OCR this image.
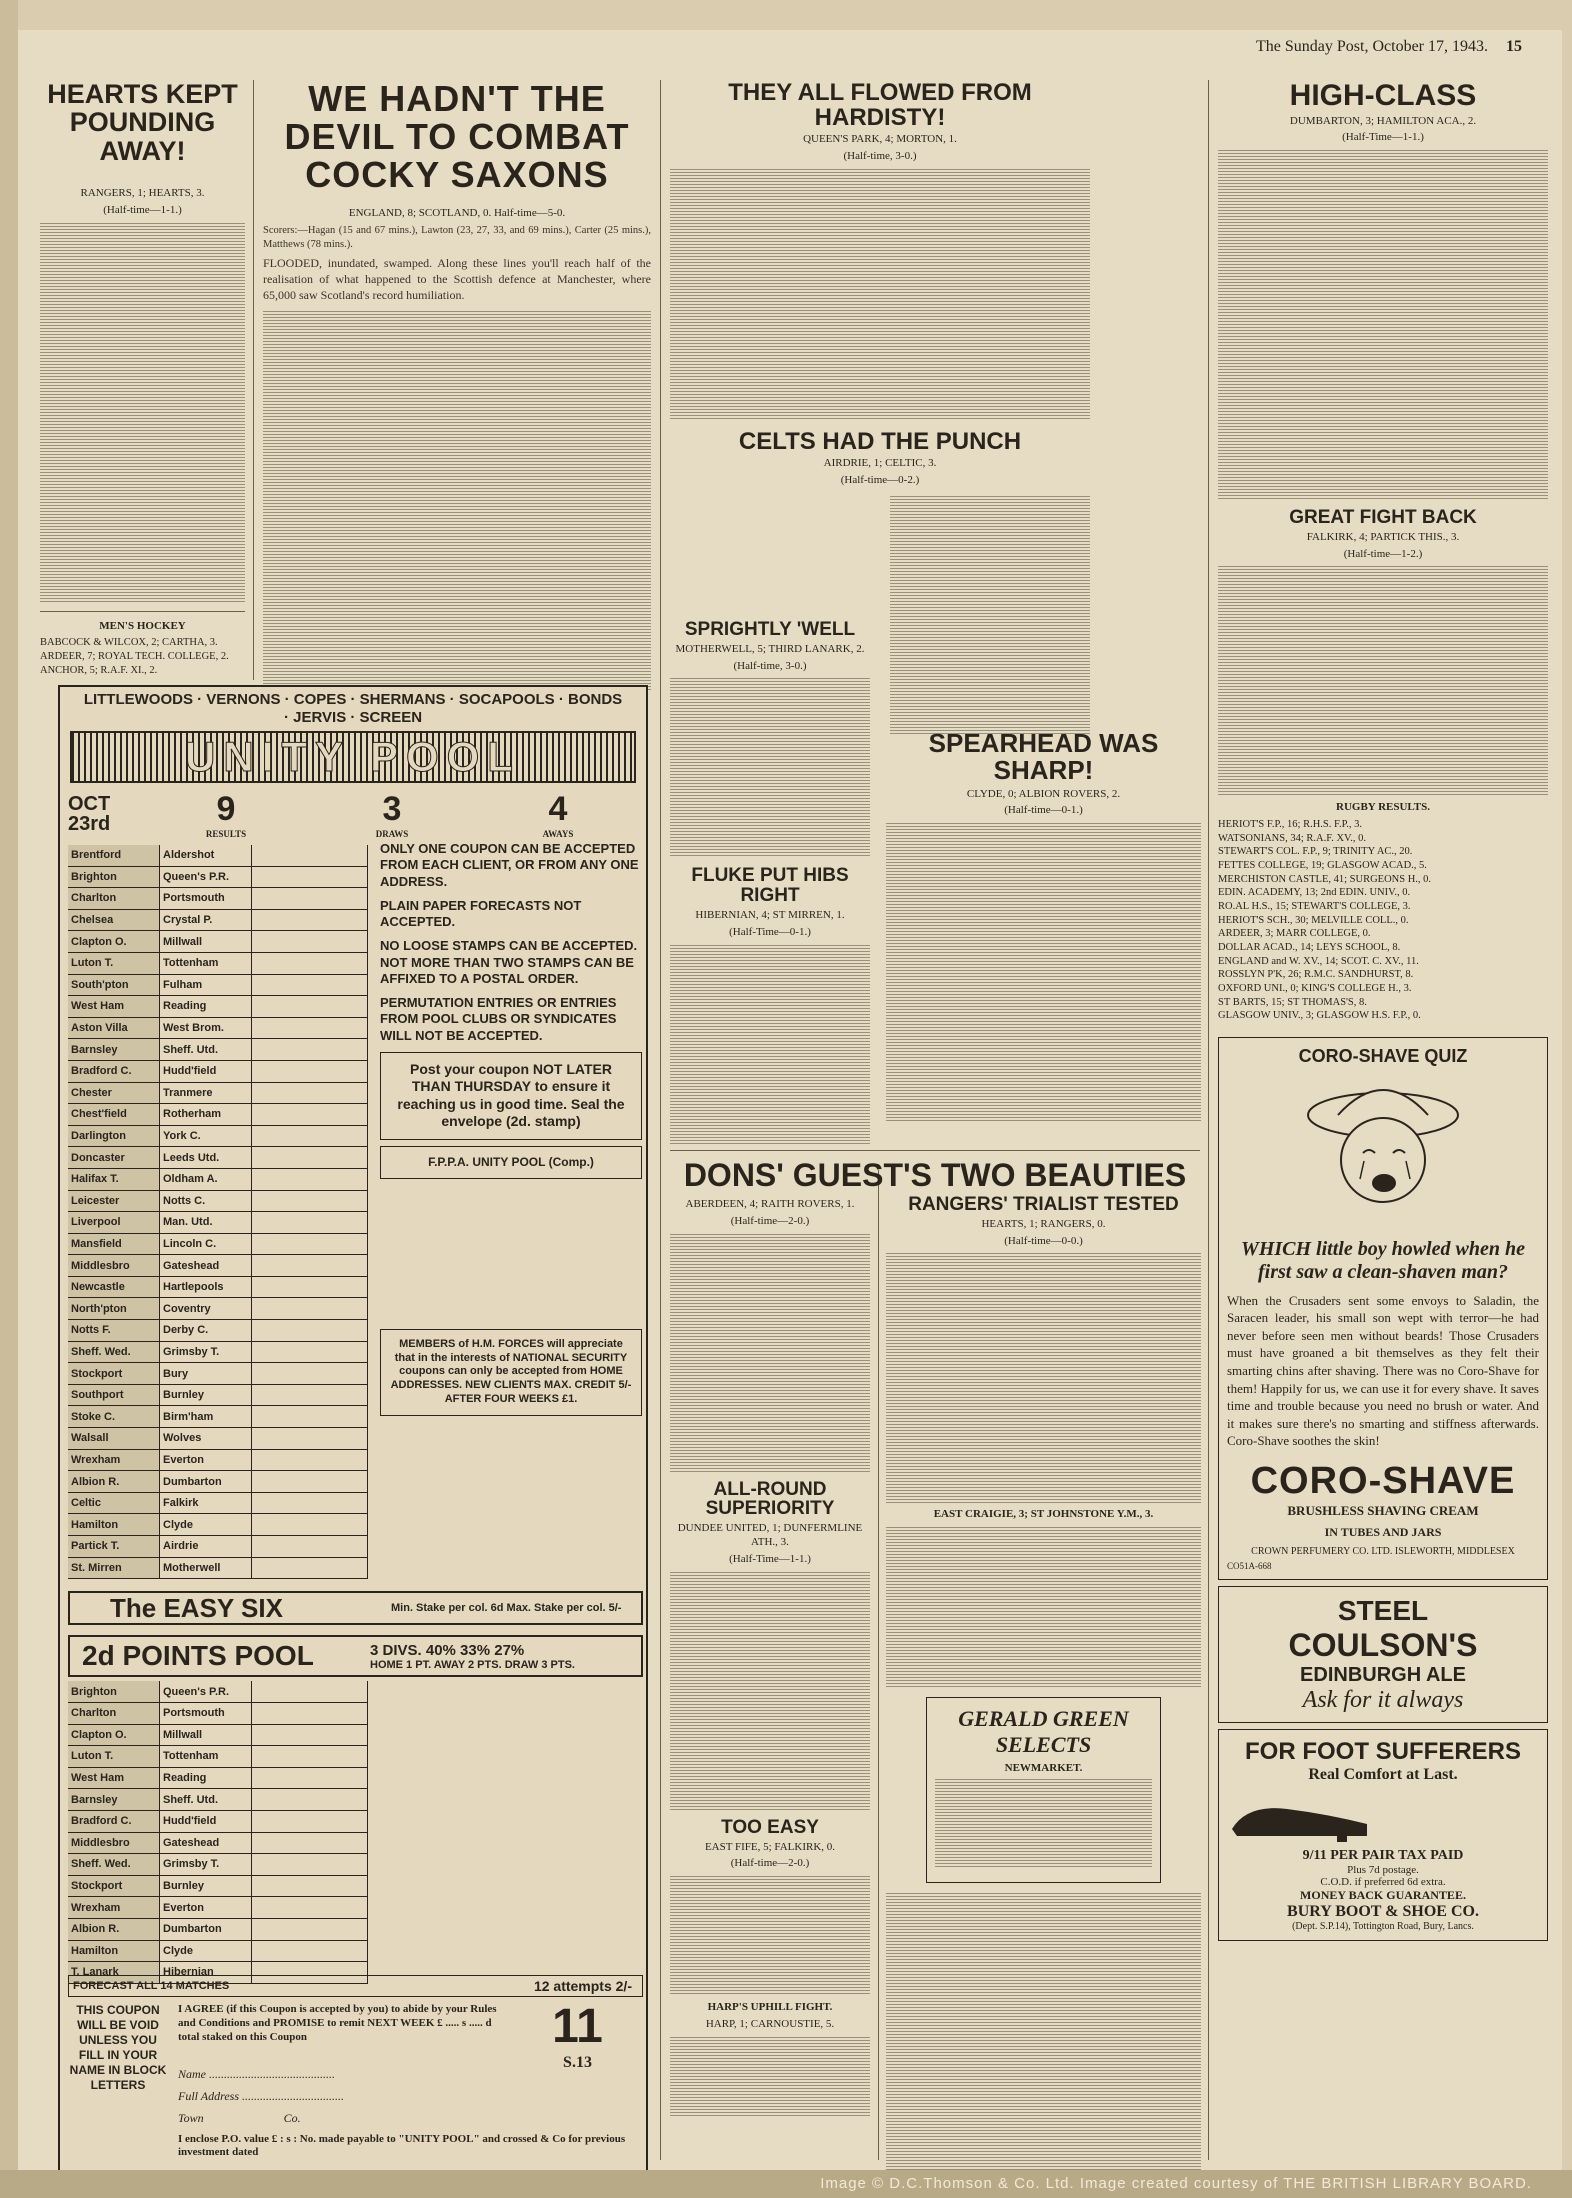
The Sunday Post, October 17, 1943. 15
HEARTS KEPT POUNDING AWAY!
RANGERS, 1; HEARTS, 3.
(Half-time—1-1.)
MEN'S HOCKEY
BABCOCK & WILCOX, 2; CARTHA, 3.
ARDEER, 7; ROYAL TECH. COLLEGE, 2.
ANCHOR, 5; R.A.F. XI., 2.
WE HADN'T THE DEVIL TO COMBAT COCKY SAXONS
ENGLAND, 8; SCOTLAND, 0. Half-time—5-0.
Scorers:—Hagan (15 and 67 mins.), Lawton (23, 27, 33, and 69 mins.), Carter (25 mins.), Matthews (78 mins.).
FLOODED, inundated, swamped. Along these lines you'll reach half of the realisation of what happened to the Scottish defence at Manchester, where 65,000 saw Scotland's record humiliation.
LITTLEWOODS · VERNONS · COPES · SHERMANS · SOCAPOOLS · BONDS · JERVIS · SCREEN
UNITY POOL
OCT 23rd	9
RESULTS
3
DRAWS
4
AWAYS
Brentford	Aldershot
Brighton	Queen's P.R.
Charlton	Portsmouth
Chelsea	Crystal P.
Clapton O.	Millwall
Luton T.	Tottenham
South'pton	Fulham
West Ham	Reading
Aston Villa	West Brom.
Barnsley	Sheff. Utd.
Bradford C.	Hudd'field
Chester	Tranmere
Chest'field	Rotherham
Darlington	York C.
Doncaster	Leeds Utd.
Halifax T.	Oldham A.
Leicester	Notts C.
Liverpool	Man. Utd.
Mansfield	Lincoln C.
Middlesbro	Gateshead
Newcastle	Hartlepools
North'pton	Coventry
Notts F.	Derby C.
Sheff. Wed.	Grimsby T.
Stockport	Bury
Southport	Burnley
Stoke C.	Birm'ham
Walsall	Wolves
Wrexham	Everton
Albion R.	Dumbarton
Celtic	Falkirk
Hamilton	Clyde
Partick T.	Airdrie
St. Mirren	Motherwell

ONLY ONE COUPON CAN BE ACCEPTED FROM EACH CLIENT, OR FROM ANY ONE ADDRESS.

PLAIN PAPER FORECASTS NOT ACCEPTED.

NO LOOSE STAMPS CAN BE ACCEPTED. NOT MORE THAN TWO STAMPS CAN BE AFFIXED TO A POSTAL ORDER.

PERMUTATION ENTRIES OR ENTRIES FROM POOL CLUBS OR SYNDICATES WILL NOT BE ACCEPTED.

Post your coupon NOT LATER THAN THURSDAY to ensure it reaching us in good time. Seal the envelope (2d. stamp)
F.P.P.A. UNITY POOL (Comp.)
MEMBERS of H.M. FORCES will appreciate that in the interests of NATIONAL SECURITY coupons can only be accepted from HOME ADDRESSES. NEW CLIENTS MAX. CREDIT 5/- AFTER FOUR WEEKS £1.
The EASY SIX	Min. Stake per col. 6d Max. Stake per col. 5/-
2d POINTS POOL	3 DIVS. 40% 33% 27%
HOME 1 PT. AWAY 2 PTS. DRAW 3 PTS.
Brighton	Queen's P.R.
Charlton	Portsmouth
Clapton O.	Millwall
Luton T.	Tottenham
West Ham	Reading
Barnsley	Sheff. Utd.
Bradford C.	Hudd'field
Middlesbro	Gateshead
Sheff. Wed.	Grimsby T.
Stockport	Burnley
Wrexham	Everton
Albion R.	Dumbarton
Hamilton	Clyde
T. Lanark	Hibernian
FORECAST ALL 14 MATCHES	12 attempts 2/-
THIS COUPON WILL BE VOID UNLESS YOU FILL IN YOUR NAME IN BLOCK LETTERS
I AGREE (if this Coupon is accepted by you) to abide by your Rules and Conditions and PROMISE to remit NEXT WEEK £ ..... s ..... d total staked on this Coupon	11
S.13
Name ..........................................
Full Address ..................................
Town	Co.
I enclose P.O. value £ : s : No. made payable to "UNITY POOL" and crossed & Co for previous investment dated
THEY ALL FLOWED FROM HARDISTY!
QUEEN'S PARK, 4; MORTON, 1.
(Half-time, 3-0.)
CELTS HAD THE PUNCH
AIRDRIE, 1; CELTIC, 3.
(Half-time—0-2.)
SPRIGHTLY 'WELL
MOTHERWELL, 5; THIRD LANARK, 2.
(Half-time, 3-0.)
FLUKE PUT HIBS RIGHT
HIBERNIAN, 4; ST MIRREN, 1.
(Half-Time—0-1.)
SPEARHEAD WAS SHARP!
CLYDE, 0; ALBION ROVERS, 2.
(Half-time—0-1.)
DONS' GUEST'S TWO BEAUTIES
ABERDEEN, 4; RAITH ROVERS, 1.
(Half-time—2-0.)
ALL-ROUND SUPERIORITY
DUNDEE UNITED, 1; DUNFERMLINE ATH., 3.
(Half-Time—1-1.)
TOO EASY
EAST FIFE, 5; FALKIRK, 0.
(Half-time—2-0.)
HARP'S UPHILL FIGHT.
HARP, 1; CARNOUSTIE, 5.
RANGERS' TRIALIST TESTED
HEARTS, 1; RANGERS, 0.
(Half-time—0-0.)
EAST CRAIGIE, 3; ST JOHNSTONE Y.M., 3.
GERALD GREEN SELECTS
NEWMARKET.
HIGH-CLASS
DUMBARTON, 3; HAMILTON ACA., 2.
(Half-Time—1-1.)
GREAT FIGHT BACK
FALKIRK, 4; PARTICK THIS., 3.
(Half-time—1-2.)
RUGBY RESULTS.
HERIOT'S F.P., 16; R.H.S. F.P., 3.
WATSONIANS, 34; R.A.F. XV., 0.
STEWART'S COL. F.P., 9; TRINITY AC., 20.
FETTES COLLEGE, 19; GLASGOW ACAD., 5.
MERCHISTON CASTLE, 41; SURGEONS H., 0.
EDIN. ACADEMY, 13; 2nd EDIN. UNIV., 0.
RO.AL H.S., 15; STEWART'S COLLEGE, 3.
HERIOT'S SCH., 30; MELVILLE COLL., 0.
ARDEER, 3; MARR COLLEGE, 0.
DOLLAR ACAD., 14; LEYS SCHOOL, 8.
ENGLAND and W. XV., 14; SCOT. C. XV., 11.
ROSSLYN P'K, 26; R.M.C. SANDHURST, 8.
OXFORD UNI., 0; KING'S COLLEGE H., 3.
ST BARTS, 15; ST THOMAS'S, 8.
GLASGOW UNIV., 3; GLASGOW H.S. F.P., 0.
CORO-SHAVE QUIZ
WHICH little boy howled when he first saw a clean-shaven man?
When the Crusaders sent some envoys to Saladin, the Saracen leader, his small son wept with terror—he had never before seen men without beards! Those Crusaders must have groaned a bit themselves as they felt their smarting chins after shaving. There was no Coro-Shave for them! Happily for us, we can use it for every shave. It saves time and trouble because you need no brush or water. And it makes sure there's no smarting and stiffness afterwards. Coro-Shave soothes the skin!
CORO-SHAVE
BRUSHLESS SHAVING CREAM
IN TUBES AND JARS
CROWN PERFUMERY CO. LTD. ISLEWORTH, MIDDLESEX
CO51A-668
STEEL
COULSON'S
EDINBURGH ALE
Ask for it always
FOR FOOT SUFFERERS
Real Comfort at Last.
9/11 PER PAIR TAX PAID
Plus 7d postage.
C.O.D. if preferred 6d extra.
MONEY BACK GUARANTEE.
BURY BOOT & SHOE CO.
(Dept. S.P.14), Tottington Road, Bury, Lancs.
Image © D.C.Thomson & Co. Ltd. Image created courtesy of THE BRITISH LIBRARY BOARD.
